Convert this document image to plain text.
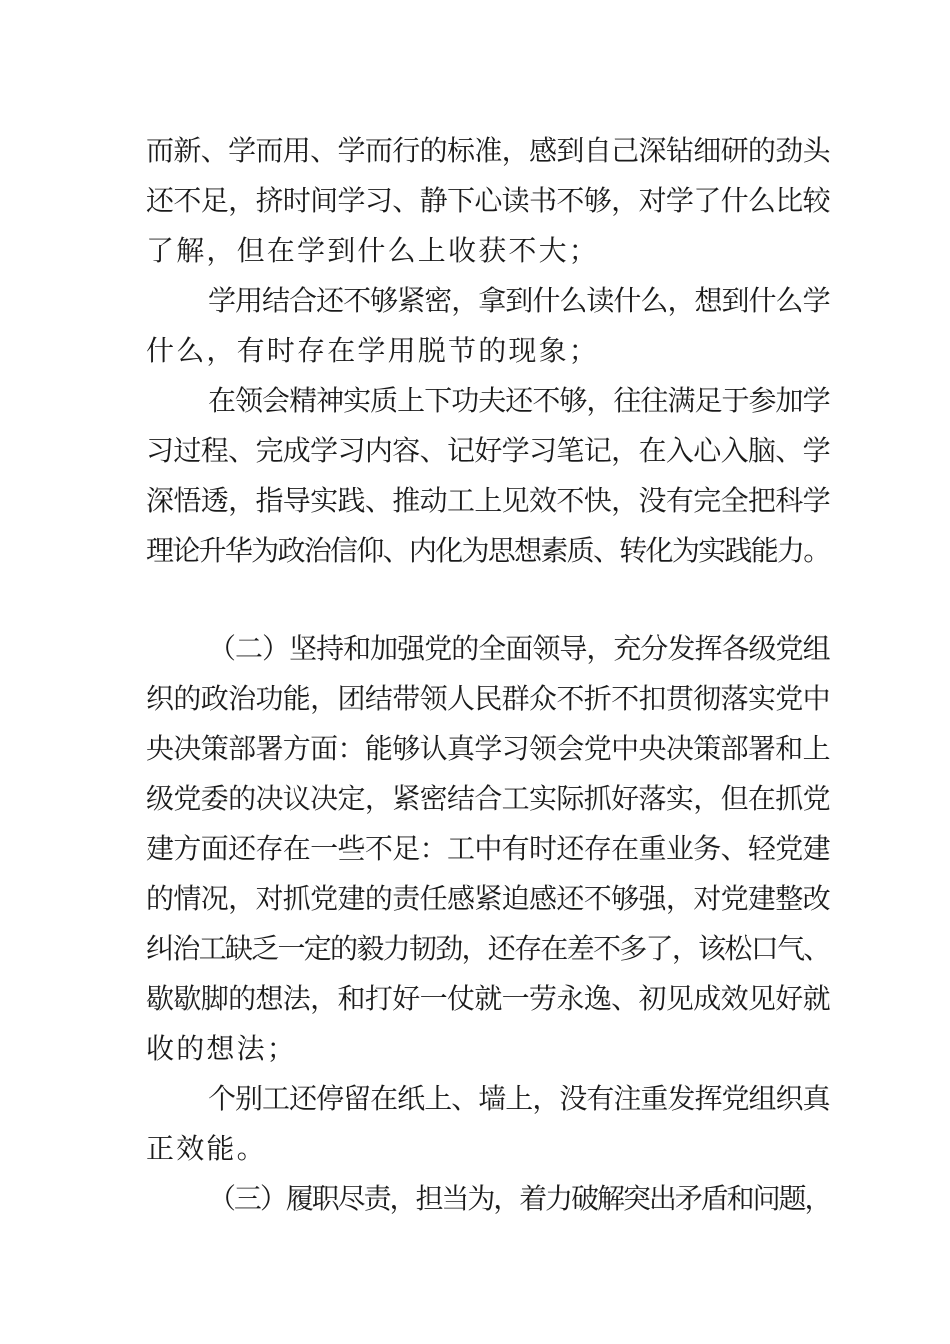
而新、学而用、学而行的标准，感到自己深钻细研的劲头
还不足，挤时间学习、静下心读书不够，对学了什么比较
了解，但在学到什么上收获不大；
学用结合还不够紧密，拿到什么读什么，想到什么学
什么，有时存在学用脱节的现象；
在领会精神实质上下功夫还不够，往往满足于参加学
习过程、完成学习内容、记好学习笔记，在入心入脑、学
深悟透，指导实践、推动工上见效不快，没有完全把科学
理论升华为政治信仰、内化为思想素质、转化为实践能力。
（二）坚持和加强党的全面领导，充分发挥各级党组
织的政治功能，团结带领人民群众不折不扣贯彻落实党中
央决策部署方面：能够认真学习领会党中央决策部署和上
级党委的决议决定，紧密结合工实际抓好落实，但在抓党
建方面还存在一些不足：工中有时还存在重业务、轻党建
的情况，对抓党建的责任感紧迫感还不够强，对党建整改
纠治工缺乏一定的毅力韧劲，还存在差不多了，该松口气、
歇歇脚的想法，和打好一仗就一劳永逸、初见成效见好就
收的想法；
个别工还停留在纸上、墙上，没有注重发挥党组织真
正效能。
（三）履职尽责，担当为，着力破解突出矛盾和问题，
